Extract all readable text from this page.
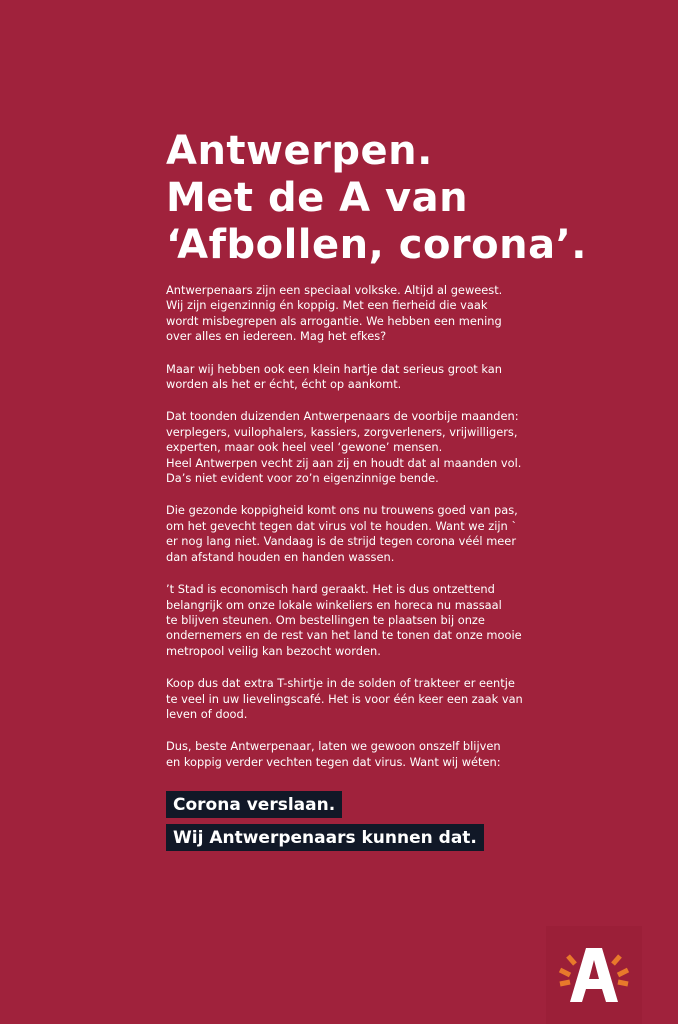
Antwerpen.
Met de A van
‘Afbollen, corona’.

Antwerpenaars zijn een speciaal volkske. Altijd al geweest.
Wij zijn eigenzinnig én koppig. Met een fierheid die vaak
wordt misbegrepen als arrogantie. We hebben een mening
over alles en iedereen. Mag het efkes?

Maar wij hebben ook een klein hartje dat serieus groot kan
worden als het er écht, écht op aankomt.

Dat toonden duizenden Antwerpenaars de voorbije maanden:
verplegers, vuilophalers, kassiers, zorgverleners, vrijwilligers,
experten, maar ook heel veel ‘gewone’ mensen.
Heel Antwerpen vecht zij aan zij en houdt dat al maanden vol.
Da’s niet evident voor zo’n eigenzinnige bende.

Die gezonde koppigheid komt ons nu trouwens goed van pas,
om het gevecht tegen dat virus vol te houden. Want we zijn `
er nog lang niet. Vandaag is de strijd tegen corona véél meer
dan afstand houden en handen wassen.

’t Stad is economisch hard geraakt. Het is dus ontzettend
belangrijk om onze lokale winkeliers en horeca nu massaal
te blijven steunen. Om bestellingen te plaatsen bij onze
ondernemers en de rest van het land te tonen dat onze mooie
metropool veilig kan bezocht worden.

Koop dus dat extra T-shirtje in de solden of trakteer er eentje
te veel in uw lievelingscafé. Het is voor één keer een zaak van
leven of dood.

Dus, beste Antwerpenaar, laten we gewoon onszelf blijven
en koppig verder vechten tegen dat virus. Want wij wéten:

Corona verslaan.
Wij Antwerpenaars kunnen dat.
